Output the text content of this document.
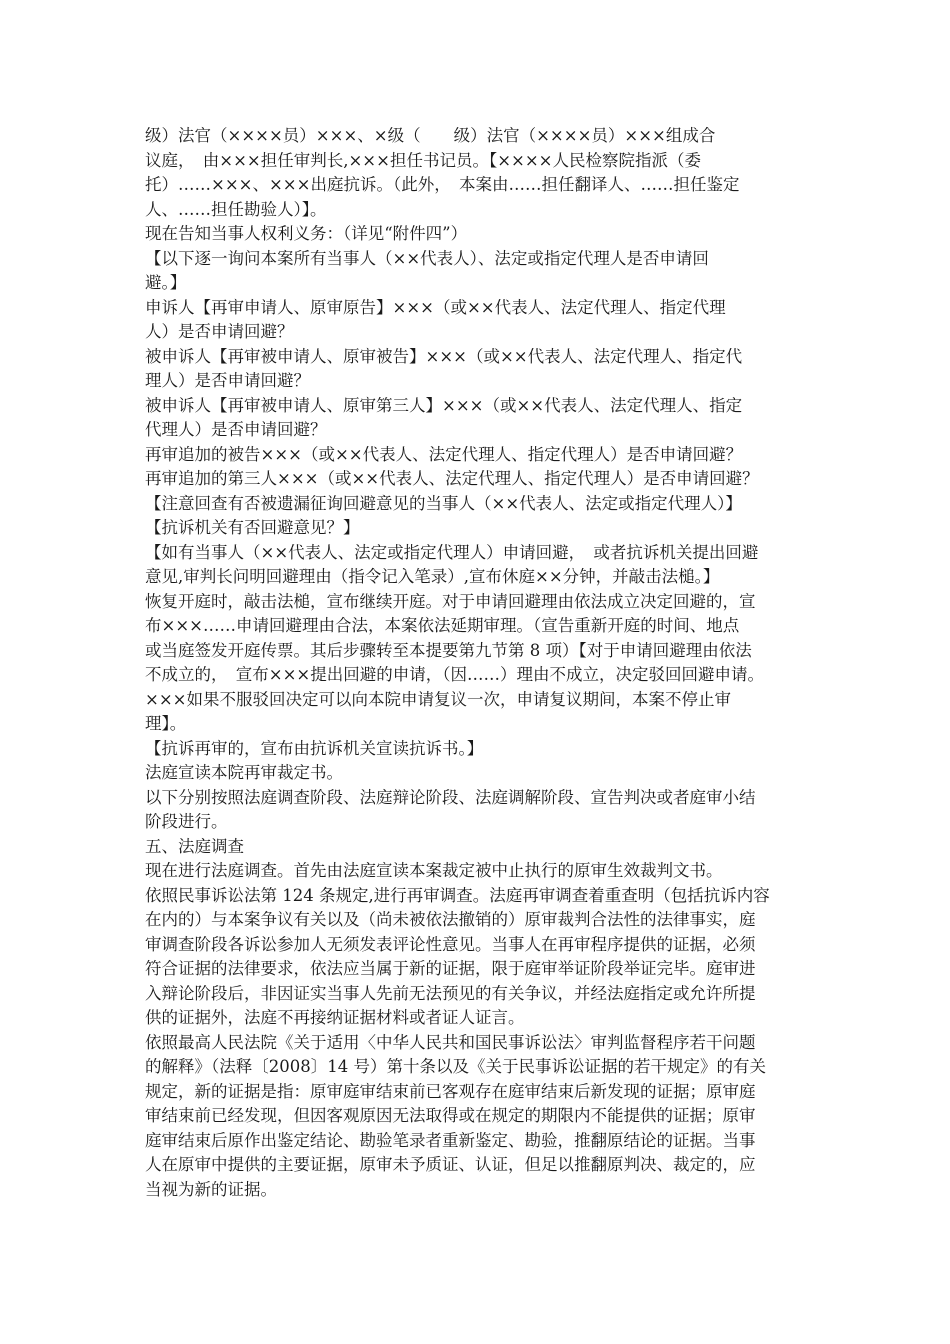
级）法官（××××员）×××、×级（　　级）法官（××××员）×××组成合
议庭，　由×××担任审判长,×××担任书记员。【××××人民检察院指派（委
托）……×××、×××出庭抗诉。（此外，　本案由……担任翻译人、……担任鉴定
人、……担任勘验人）】。
现在告知当事人权利义务：（详见“附件四”）
【以下逐一询问本案所有当事人（××代表人）、法定或指定代理人是否申请回
避。】
申诉人【再审申请人、原审原告】×××（或××代表人、法定代理人、指定代理
人）是否申请回避？
被申诉人【再审被申请人、原审被告】×××（或××代表人、法定代理人、指定代
理人）是否申请回避？
被申诉人【再审被申请人、原审第三人】×××（或××代表人、法定代理人、指定
代理人）是否申请回避？
再审追加的被告×××（或××代表人、法定代理人、指定代理人）是否申请回避？
再审追加的第三人×××（或××代表人、法定代理人、指定代理人）是否申请回避？
【注意回查有否被遗漏征询回避意见的当事人（××代表人、法定或指定代理人）】
【抗诉机关有否回避意见？】
【如有当事人（××代表人、法定或指定代理人）申请回避，　或者抗诉机关提出回避
意见,审判长问明回避理由（指令记入笔录）,宣布休庭××分钟，并敲击法槌。】
恢复开庭时，敲击法槌，宣布继续开庭。对于申请回避理由依法成立决定回避的，宣
布×××……申请回避理由合法，本案依法延期审理。（宣告重新开庭的时间、地点
或当庭签发开庭传票。其后步骤转至本提要第九节第 8 项）【对于申请回避理由依法
不成立的，　宣布×××提出回避的申请，（因……）理由不成立，决定驳回回避申请。
×××如果不服驳回决定可以向本院申请复议一次，申请复议期间，本案不停止审
理】。
【抗诉再审的，宣布由抗诉机关宣读抗诉书。】
法庭宣读本院再审裁定书。
以下分别按照法庭调查阶段、法庭辩论阶段、法庭调解阶段、宣告判决或者庭审小结
阶段进行。
五、法庭调查
现在进行法庭调查。首先由法庭宣读本案裁定被中止执行的原审生效裁判文书。
依照民事诉讼法第 124 条规定,进行再审调查。法庭再审调查着重查明（包括抗诉内容
在内的）与本案争议有关以及（尚未被依法撤销的）原审裁判合法性的法律事实，庭
审调查阶段各诉讼参加人无须发表评论性意见。当事人在再审程序提供的证据，必须
符合证据的法律要求，依法应当属于新的证据，限于庭审举证阶段举证完毕。庭审进
入辩论阶段后，非因证实当事人先前无法预见的有关争议，并经法庭指定或允许所提
供的证据外，法庭不再接纳证据材料或者证人证言。
依照最高人民法院《关于适用〈中华人民共和国民事诉讼法〉审判监督程序若干问题
的解释》（法释〔2008〕14 号）第十条以及《关于民事诉讼证据的若干规定》的有关
规定，新的证据是指：原审庭审结束前已客观存在庭审结束后新发现的证据；原审庭
审结束前已经发现，但因客观原因无法取得或在规定的期限内不能提供的证据；原审
庭审结束后原作出鉴定结论、勘验笔录者重新鉴定、勘验，推翻原结论的证据。当事
人在原审中提供的主要证据，原审未予质证、认证，但足以推翻原判决、裁定的，应
当视为新的证据。
